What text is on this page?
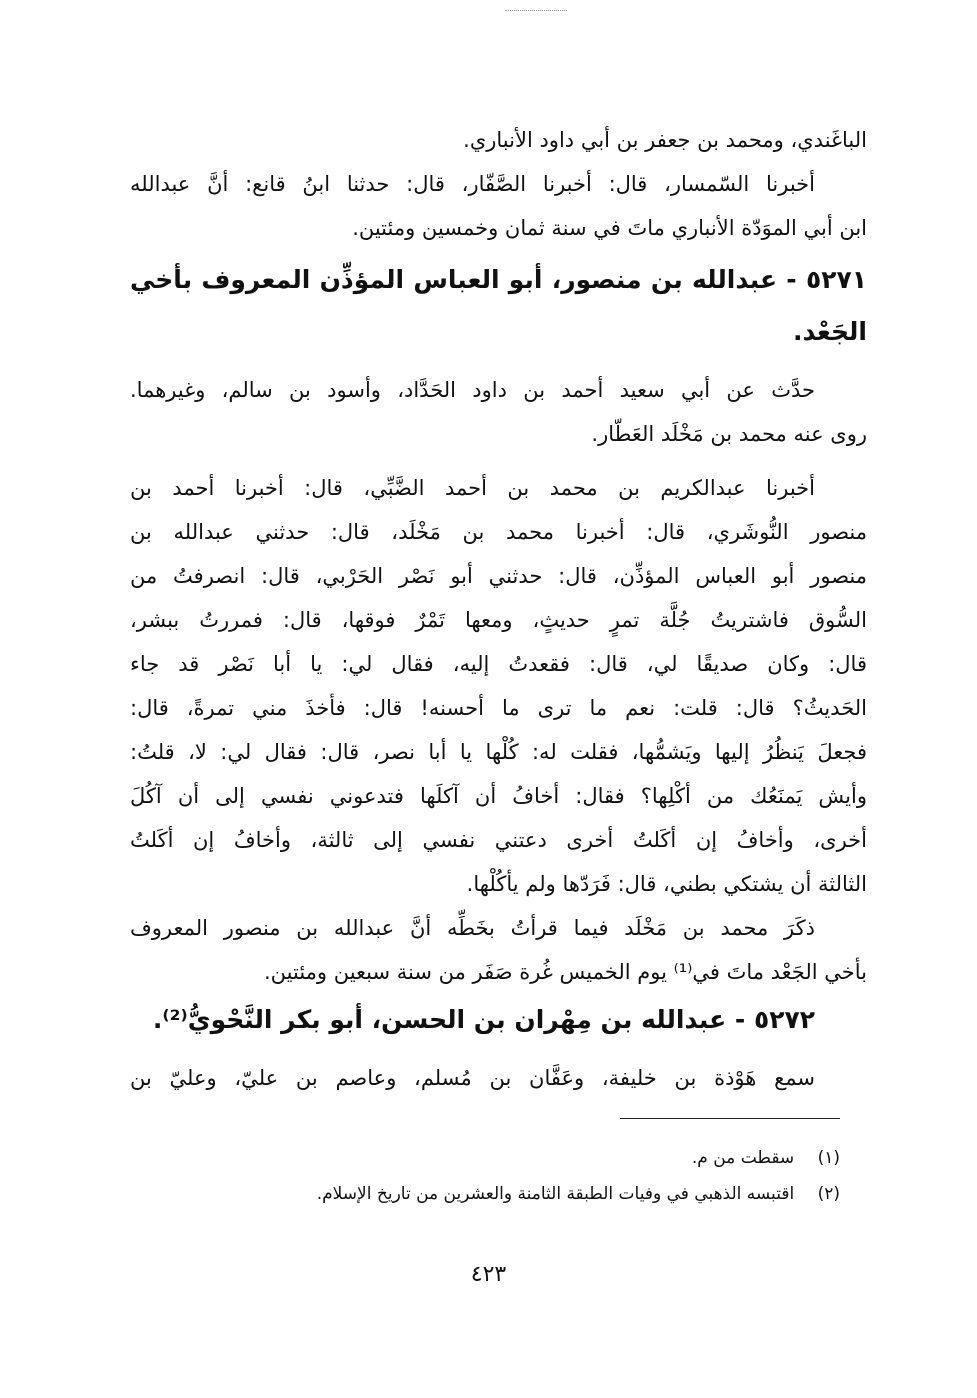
الباغَندي، ومحمد بن جعفر بن أبي داود الأنباري.
أخبرنا السّمسار، قال: أخبرنا الصَّفّار، قال: حدثنا ابنُ قانع: أنَّ عبدالله
ابن أبي الموَدّة الأنباري ماتَ في سنة ثمان وخمسين ومئتين.
٥٢٧١ - عبدالله بن منصور، أبو العباس المؤذِّن المعروف بأخي
الجَعْد.
حدَّث عن أبي سعيد أحمد بن داود الحَدَّاد، وأسود بن سالم، وغيرهما.
روى عنه محمد بن مَخْلَد العَطّار.
أخبرنا عبدالكريم بن محمد بن أحمد الضَّبِّي، قال: أخبرنا أحمد بن
منصور النُّوشَري، قال: أخبرنا محمد بن مَخْلَد، قال: حدثني عبدالله بن
منصور أبو العباس المؤذِّن، قال: حدثني أبو نَصْر الحَرْبي، قال: انصرفتُ من
السُّوق فاشتريتُ جُلَّة تمرٍ حديثٍ، ومعها تَمْرٌ فوقها، قال: فمررتُ ببشر،
قال: وكان صديقًا لي، قال: فقعدتُ إليه، فقال لي: يا أبا نَصْر قد جاء
الحَديثُ؟ قال: قلت: نعم ما ترى ما أحسنه! قال: فأخذَ مني تمرةً، قال:
فجعلَ يَنظُرُ إليها ويَشمُّها، فقلت له: كُلْها يا أبا نصر، قال: فقال لي: لا، قلتُ:
وأيش يَمنَعُك من أكْلِها؟ فقال: أخافُ أن آكلَها فتدعوني نفسي إلى أن آكُلَ
أخرى، وأخافُ إن أكَلتُ أخرى دعتني نفسي إلى ثالثة، وأخافُ إن أكَلتُ
الثالثة أن يشتكي بطني، قال: فَرَدّها ولم يأكُلْها.
ذكَرَ محمد بن مَخْلَد فيما قرأتُ بخَطِّه أنَّ عبدالله بن منصور المعروف
بأخي الجَعْد ماتَ في⁽¹⁾ يوم الخميس غُرة صَفَر من سنة سبعين ومئتين.
٥٢٧٢ - عبدالله بن مِهْران بن الحسن، أبو بكر النَّحْويُّ⁽²⁾.
سمع هَوْذة بن خليفة، وعَفَّان بن مُسلم، وعاصم بن عليّ، وعليّ بن
(١) سقطت من م.
(٢) اقتبسه الذهبي في وفيات الطبقة الثامنة والعشرين من تاريخ الإسلام.
٤٢٣
